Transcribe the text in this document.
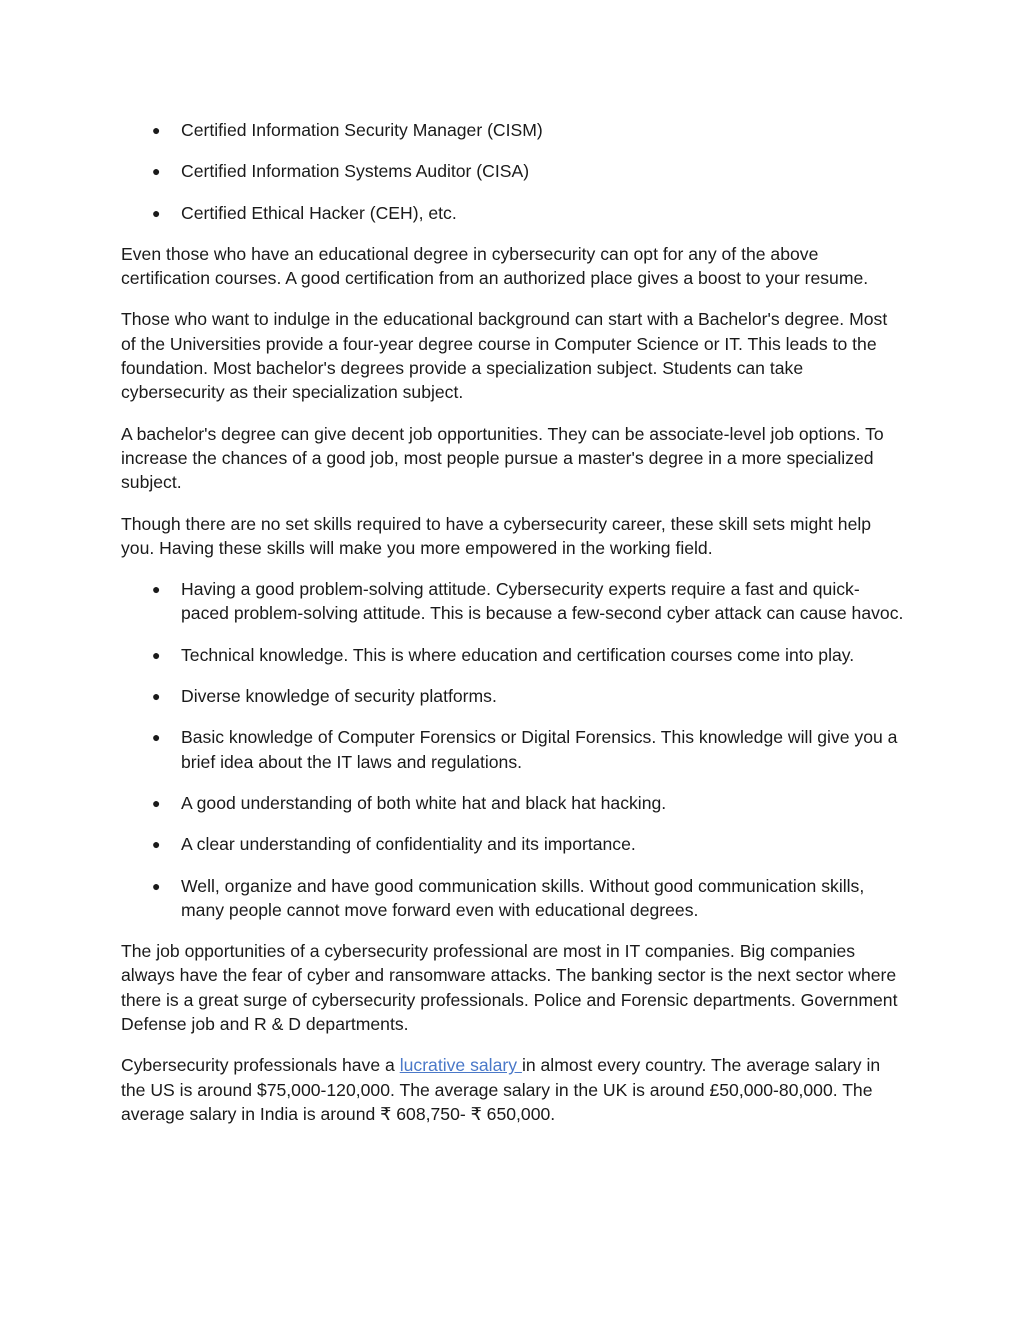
● Certified Information Security Manager (CISM)
● Certified Information Systems Auditor (CISA)
● Certified Ethical Hacker (CEH), etc.

Even those who have an educational degree in cybersecurity can opt for any of the above certification courses. A good certification from an authorized place gives a boost to your resume.

Those who want to indulge in the educational background can start with a Bachelor's degree. Most of the Universities provide a four-year degree course in Computer Science or IT. This leads to the foundation. Most bachelor's degrees provide a specialization subject. Students can take cybersecurity as their specialization subject.

A bachelor's degree can give decent job opportunities. They can be associate-level job options. To increase the chances of a good job, most people pursue a master's degree in a more specialized subject.

Though there are no set skills required to have a cybersecurity career, these skill sets might help you. Having these skills will make you more empowered in the working field.

● Having a good problem-solving attitude. Cybersecurity experts require a fast and quick-paced problem-solving attitude. This is because a few-second cyber attack can cause havoc.
● Technical knowledge. This is where education and certification courses come into play.
● Diverse knowledge of security platforms.
● Basic knowledge of Computer Forensics or Digital Forensics. This knowledge will give you a brief idea about the IT laws and regulations.
● A good understanding of both white hat and black hat hacking.
● A clear understanding of confidentiality and its importance.
● Well, organize and have good communication skills. Without good communication skills, many people cannot move forward even with educational degrees.

The job opportunities of a cybersecurity professional are most in IT companies. Big companies always have the fear of cyber and ransomware attacks. The banking sector is the next sector where there is a great surge of cybersecurity professionals. Police and Forensic departments. Government Defense job and R & D departments.

Cybersecurity professionals have a lucrative salary in almost every country. The average salary in the US is around $75,000-120,000. The average salary in the UK is around £50,000-80,000. The average salary in India is around ₹ 608,750- ₹ 650,000.
